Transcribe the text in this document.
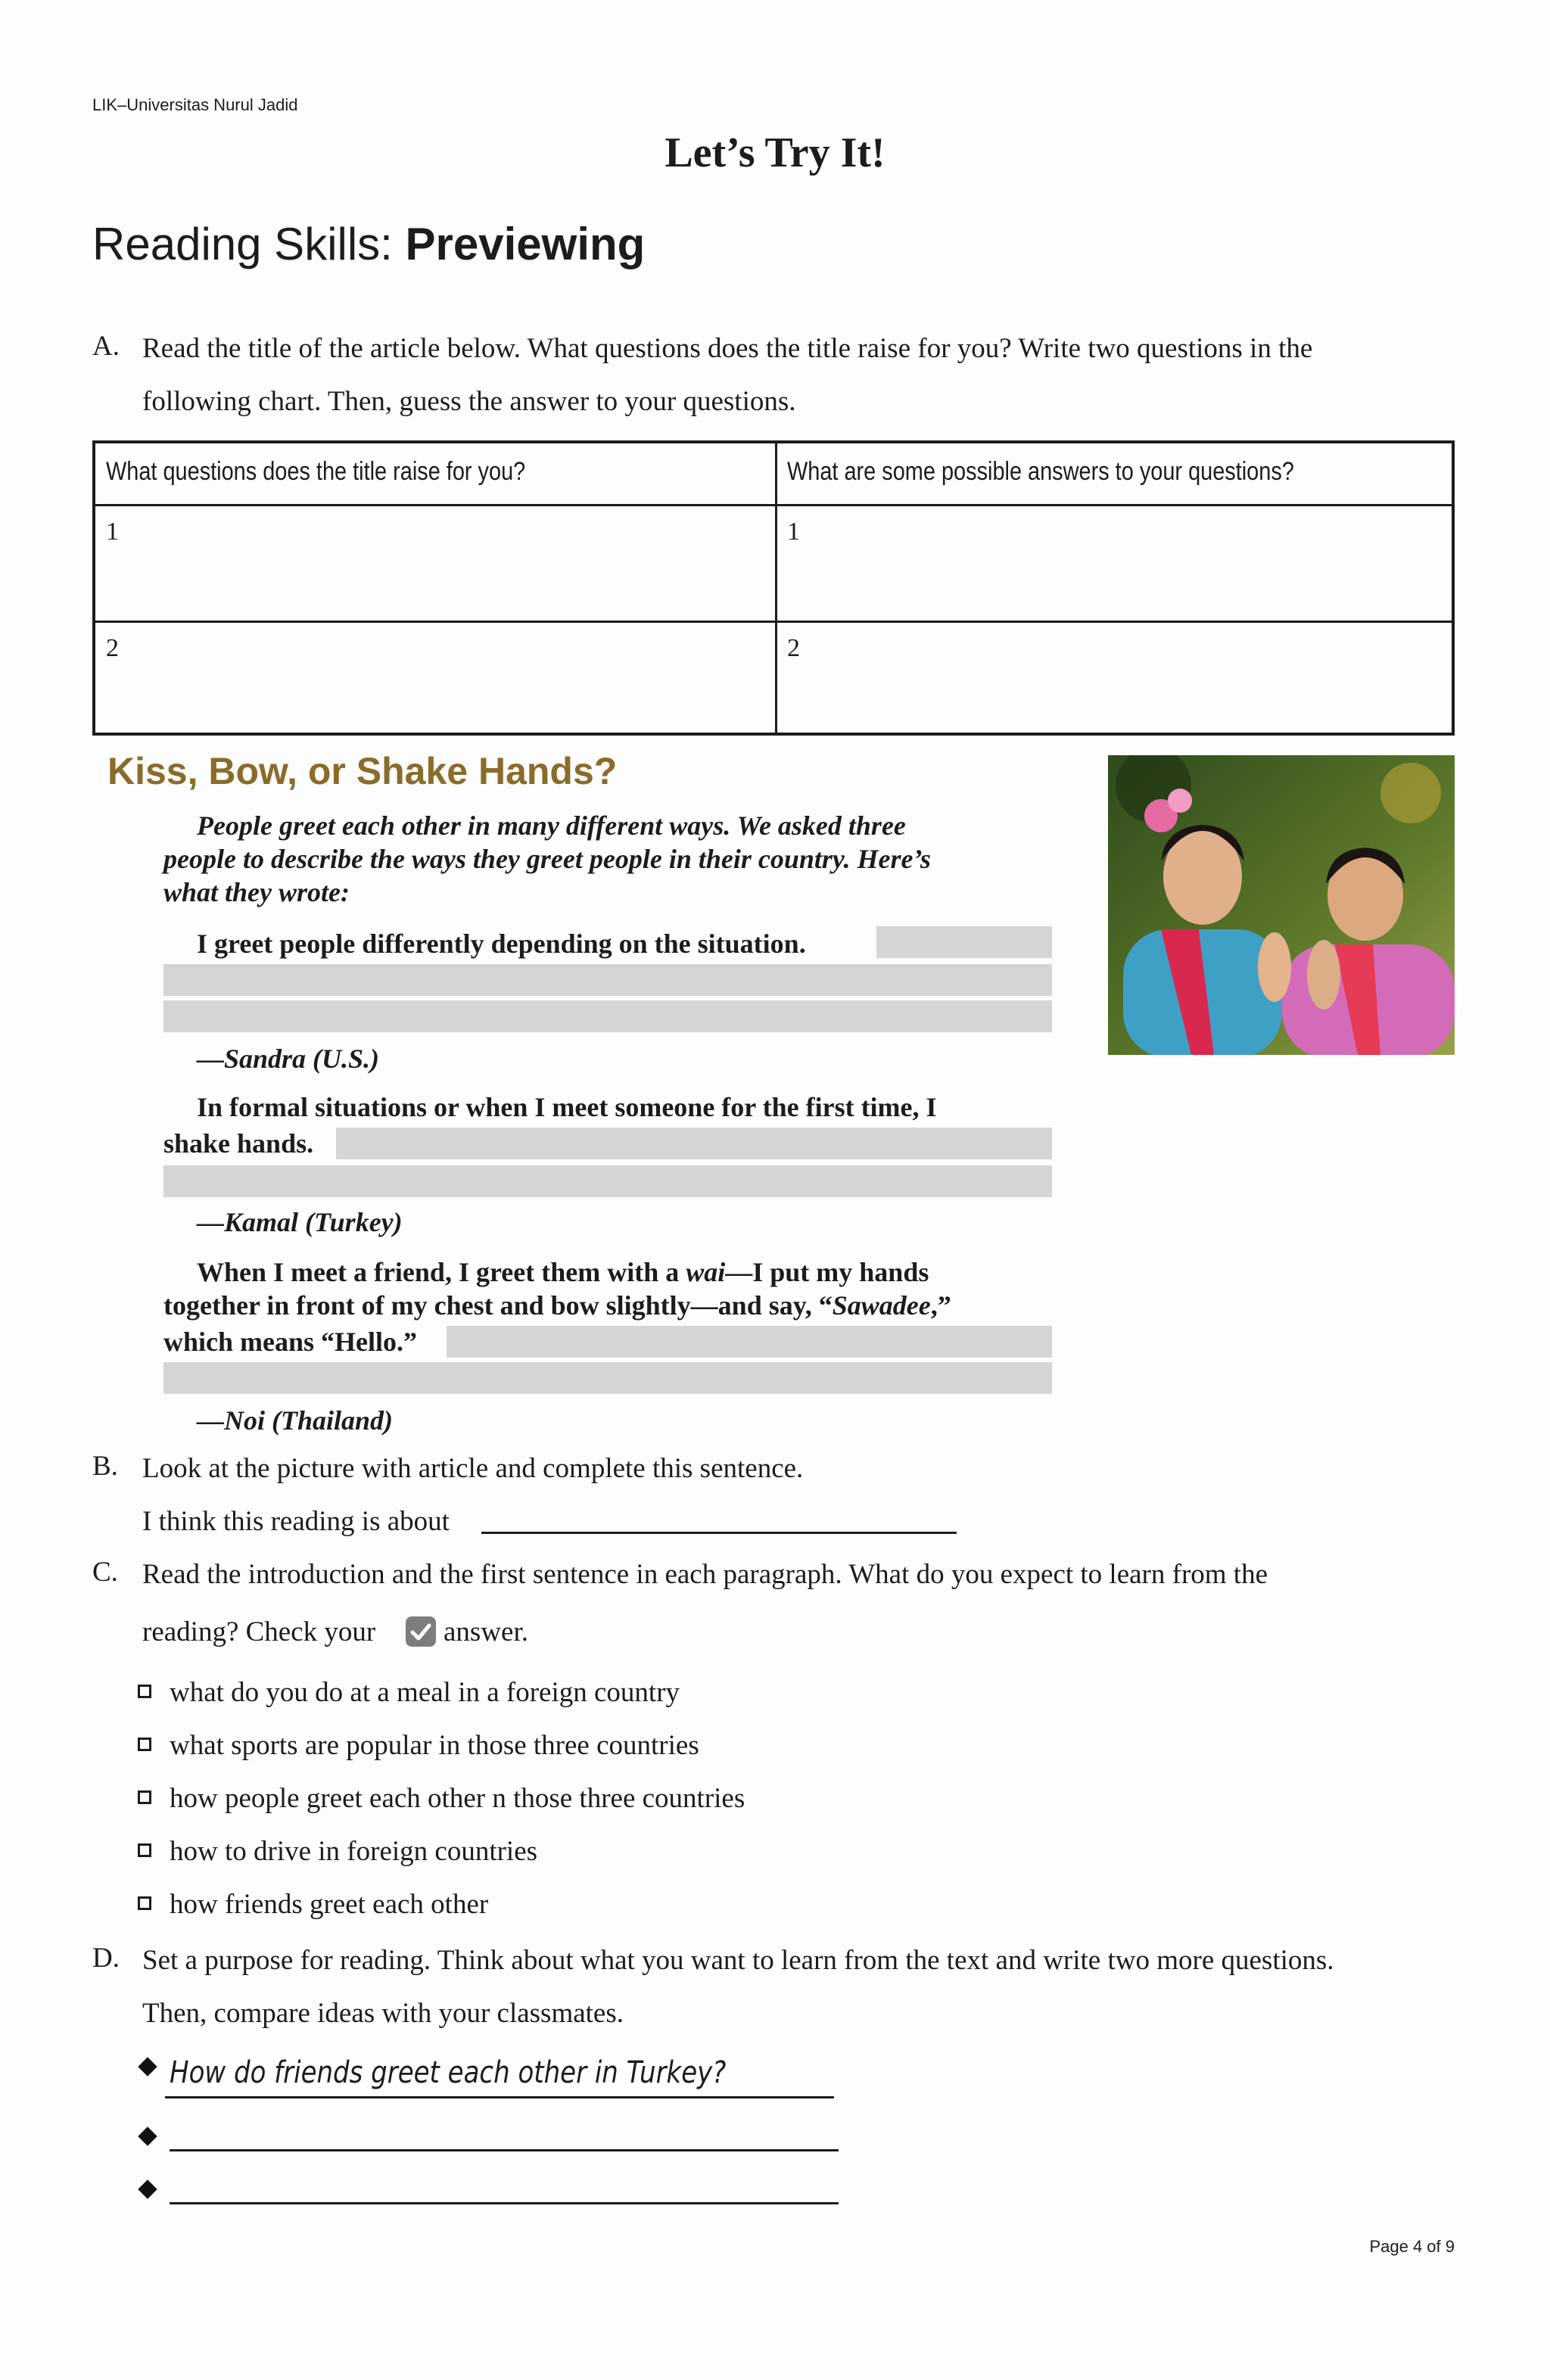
LIK–Universitas Nurul Jadid
Let’s Try It!
Reading Skills: Previewing
A. Read the title of the article below. What questions does the title raise for you? Write two questions in the
following chart. Then, guess the answer to your questions.
What questions does the title raise for you?	What are some possible answers to your questions?
1	1
2	2
Kiss, Bow, or Shake Hands?
People greet each other in many different ways. We asked three
people to describe the ways they greet people in their country. Here’s
what they wrote:
I greet people differently depending on the situation.
—Sandra (U.S.)
In formal situations or when I meet someone for the first time, I
shake hands.
—Kamal (Turkey)
When I meet a friend, I greet them with a wai—I put my hands
together in front of my chest and bow slightly—and say, “Sawadee,”
which means “Hello.”
—Noi (Thailand)
B. Look at the picture with article and complete this sentence.
I think this reading is about
C. Read the introduction and the first sentence in each paragraph. What do you expect to learn from the
reading? Check your answer.
what do you do at a meal in a foreign country
what sports are popular in those three countries
how people greet each other n those three countries
how to drive in foreign countries
how friends greet each other
D. Set a purpose for reading. Think about what you want to learn from the text and write two more questions.
Then, compare ideas with your classmates.
How do friends greet each other in Turkey?
Page 4 of 9
